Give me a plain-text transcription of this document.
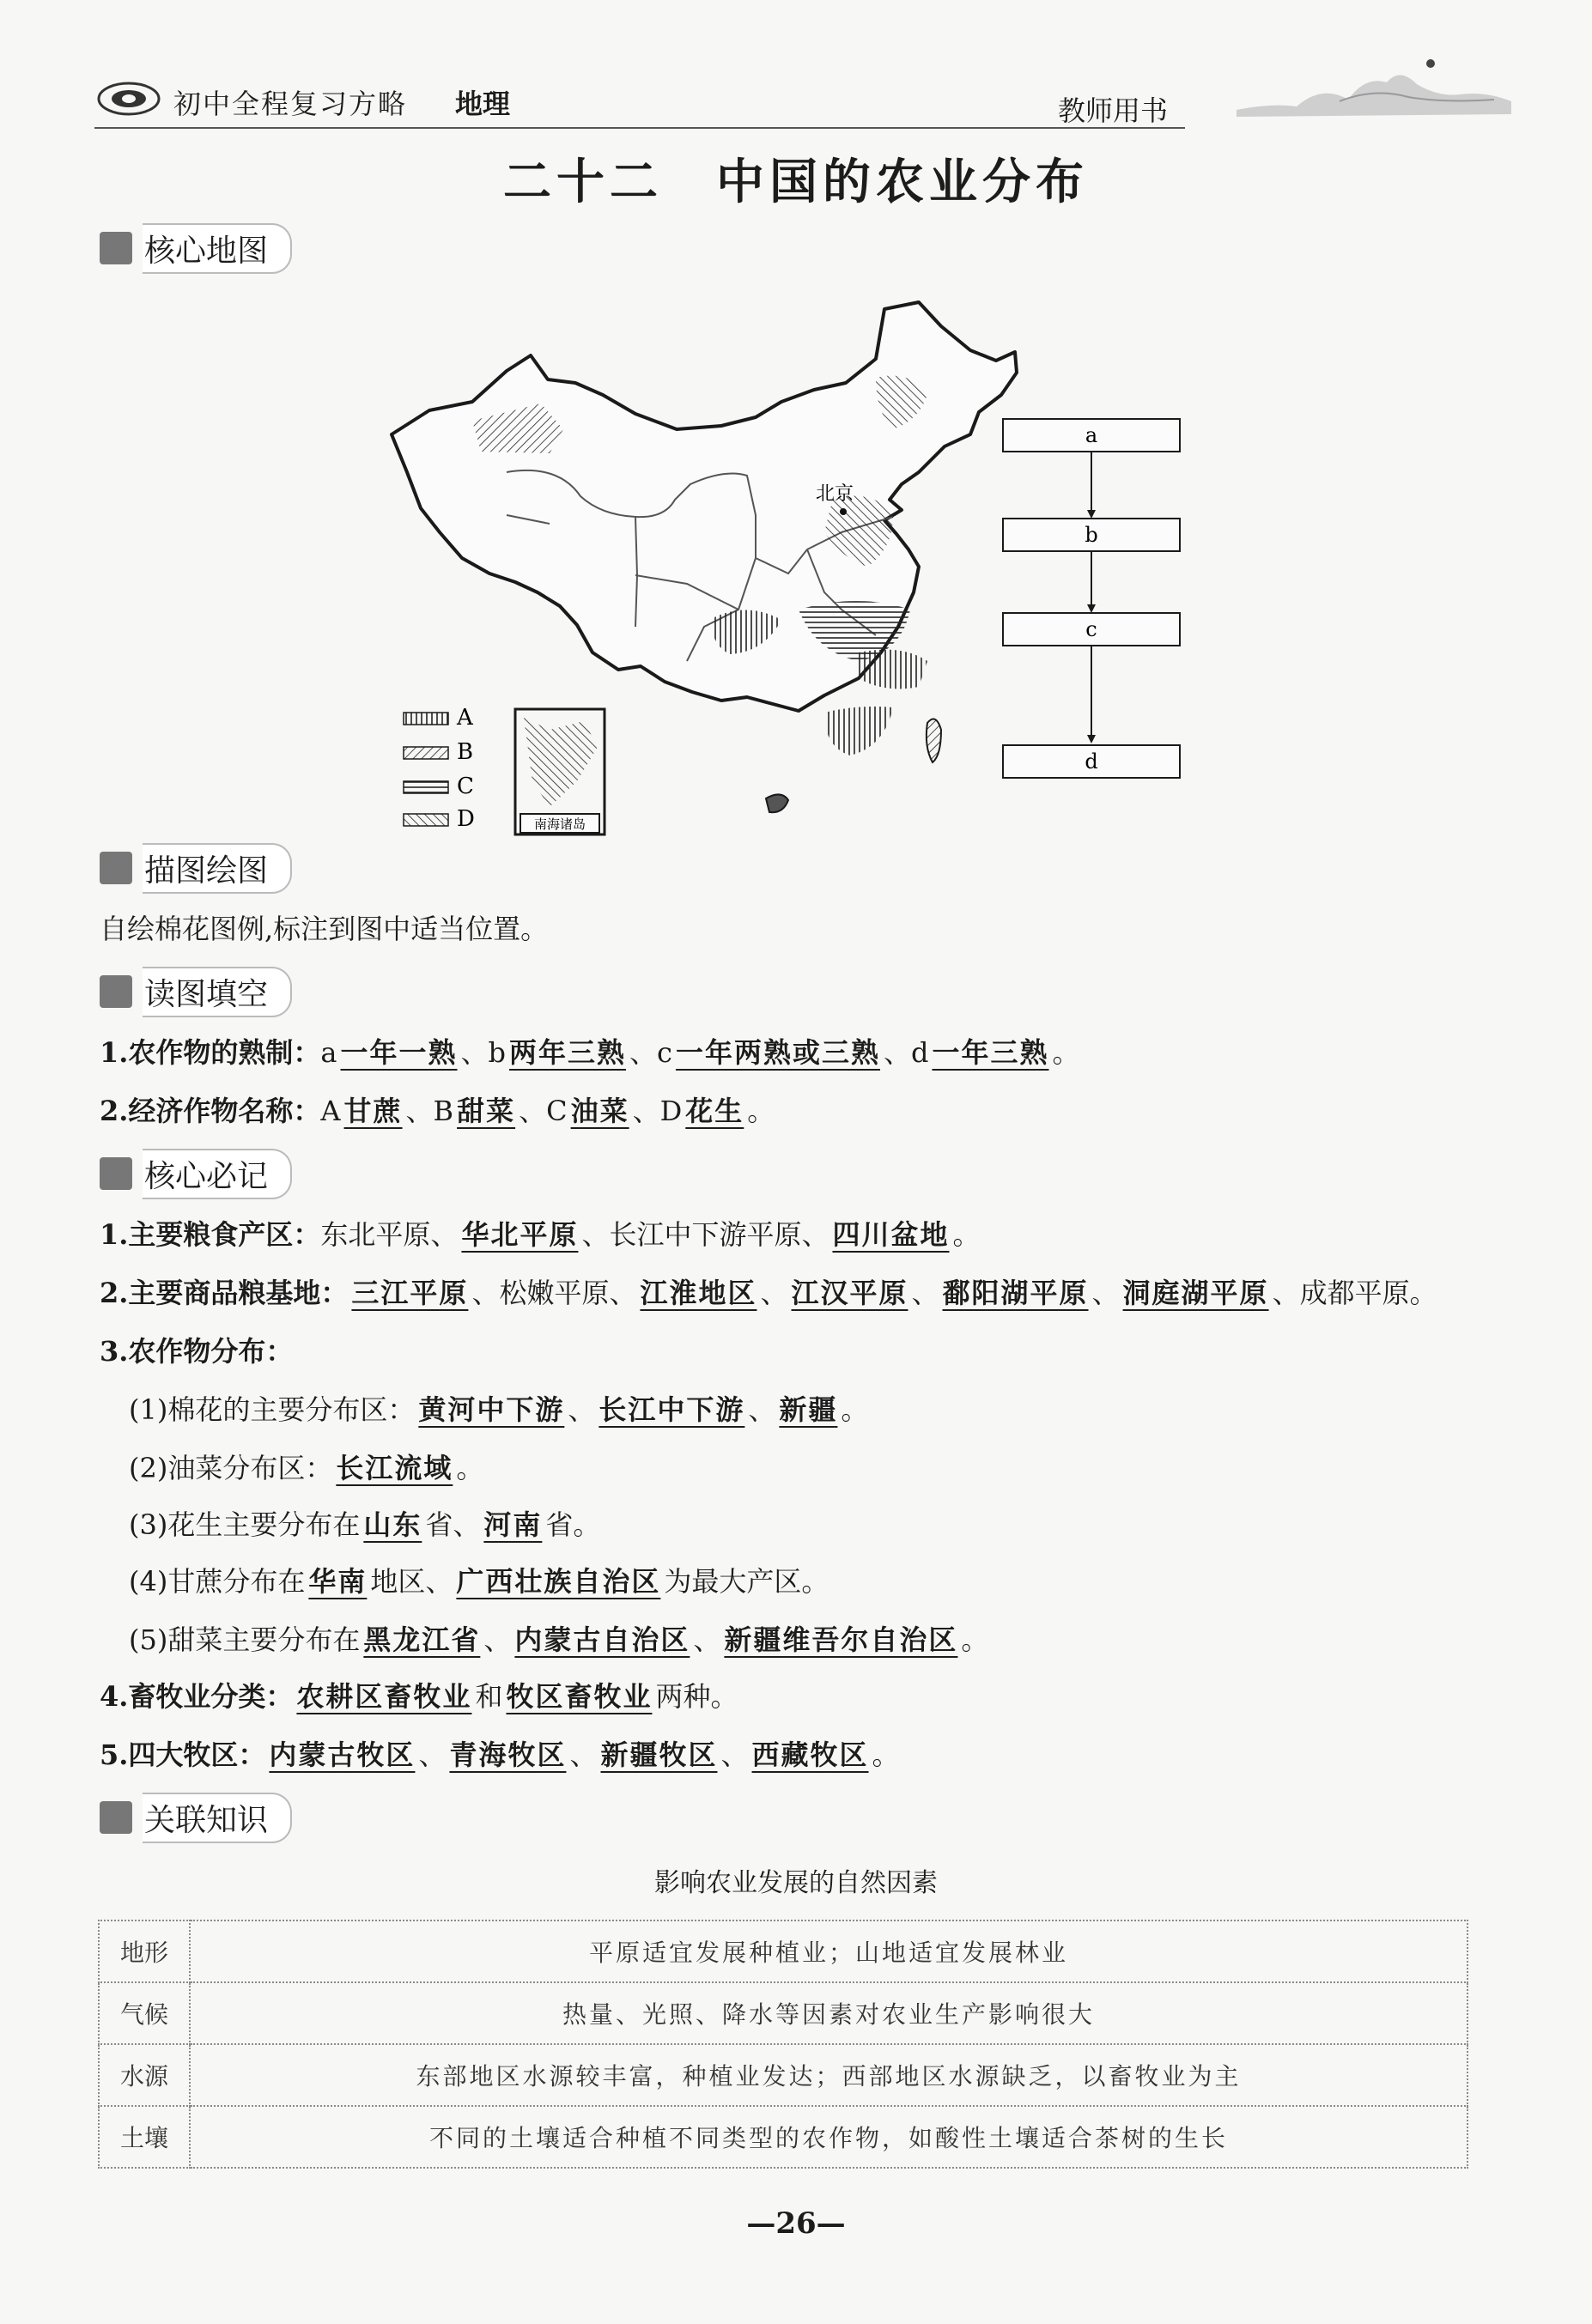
初中全程复习方略 地理	教师用书
二十二　中国的农业分布
核心地图
北京
南海诸岛
A
B
C
D
a
b
c
d
描图绘图
自绘棉花图例,标注到图中适当位置。
读图填空
1.农作物的熟制：a 一年一熟 、b 两年三熟 、c 一年两熟或三熟 、d 一年三熟 。
2.经济作物名称：A 甘蔗 、B 甜菜 、C 油菜 、D 花生 。
核心必记
1.主要粮食产区：东北平原、 华北平原 、长江中下游平原、 四川盆地 。
2.主要商品粮基地： 三江平原 、松嫩平原、 江淮地区 、 江汉平原 、 鄱阳湖平原 、 洞庭湖平原 、成都平原。
3.农作物分布：
(1)棉花的主要分布区： 黄河中下游 、 长江中下游 、 新疆 。
(2)油菜分布区： 长江流域 。
(3)花生主要分布在 山东 省、 河南 省。
(4)甘蔗分布在 华南 地区、 广西壮族自治区 为最大产区。
(5)甜菜主要分布在 黑龙江省 、 内蒙古自治区 、 新疆维吾尔自治区 。
4.畜牧业分类： 农耕区畜牧业 和 牧区畜牧业 两种。
5.四大牧区： 内蒙古牧区 、 青海牧区 、 新疆牧区 、 西藏牧区 。
关联知识
影响农业发展的自然因素
地形	平原适宜发展种植业；山地适宜发展林业
气候	热量、光照、降水等因素对农业生产影响很大
水源	东部地区水源较丰富，种植业发达；西部地区水源缺乏，以畜牧业为主
土壤	不同的土壤适合种植不同类型的农作物，如酸性土壤适合茶树的生长
—26—
